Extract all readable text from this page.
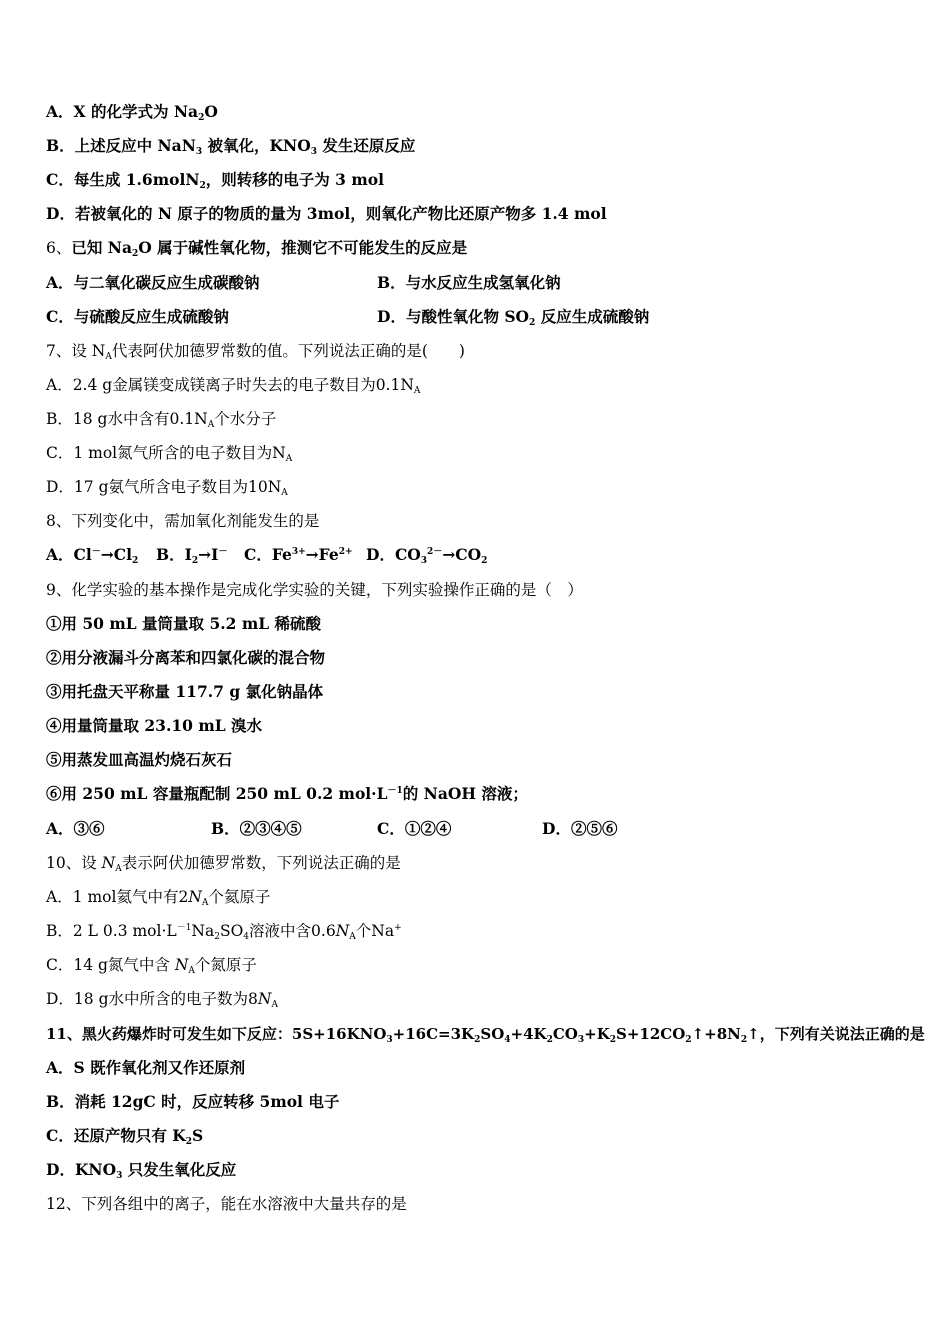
A．X 的化学式为 $Na_2O$
B．上述反应中 NaN$_3$ 被氧化，$KNO_3$ 发生还原反应
C．每生成 1.6molN$_2$，则转移的电子为 3 mol
D．若被氧化的 N 原子的物质的量为 3mol，则氧化产物比还原产物多 1.4 mol
6、已知 $Na_2O$ 属于碱性氧化物，推测它不可能发生的反应是
A．与二氧化碳反应生成碳酸钠	B．与水反应生成氢氧化钠
C．与硫酸反应生成硫酸钠	D．与酸性氧化物 $SO_2$ 反应生成硫酸钠
7、设 $N_A$代表阿伏加德罗常数的值。下列说法正确的是(　　)
A．2.4 g金属镁变成镁离子时失去的电子数目为$0.1N_A$
B．18 g水中含有$0.1N_A$个水分子
C．1 mol氮气所含的电子数目为$N_A$
D．17 g氨气所含电子数目为$10N_A$
8、下列变化中，需加氧化剂能发生的是
A．$Cl^-\to Cl_2$ B．$I_2\to I^-$ C．$Fe^{3+}\to Fe^{2+}$ D．$CO_3^{2-}\to CO_2$
9、化学实验的基本操作是完成化学实验的关键，下列实验操作正确的是（　）
①用 50 mL 量筒量取 5.2 mL 稀硫酸
②用分液漏斗分离苯和四氯化碳的混合物
③用托盘天平称量 117.7 g 氯化钠晶体
④用量筒量取 23.10 mL 溴水
⑤用蒸发皿高温灼烧石灰石
⑥用 250 mL 容量瓶配制 250 mL 0.2 $mol\cdot L^{-1}$的 NaOH 溶液；
A．③⑥	B．②③④⑤	C．①②④	D．②⑤⑥
10、设 $N_A$表示阿伏加德罗常数，下列说法正确的是
A．1 mol氦气中有$2N_A$个氦原子
B．2 L 0.3 $mol\cdot L^{-1}Na_2SO_4$溶液中含$0.6N_A$个Na+
C．14 g氮气中含 $N_A$个氮原子
D．18 g水中所含的电子数为$8N_A$
11、黑火药爆炸时可发生如下反应：$5S+16KNO_3+16C=3K_2SO_4+4K_2CO_3+K_2S+12CO_2↑+8N_2↑$，下列有关说法正确的是
A．S 既作氧化剂又作还原剂
B．消耗 12gC 时，反应转移 5mol 电子
C．还原产物只有 $K_2S$
D．$KNO_3$ 只发生氧化反应
12、下列各组中的离子，能在水溶液中大量共存的是
